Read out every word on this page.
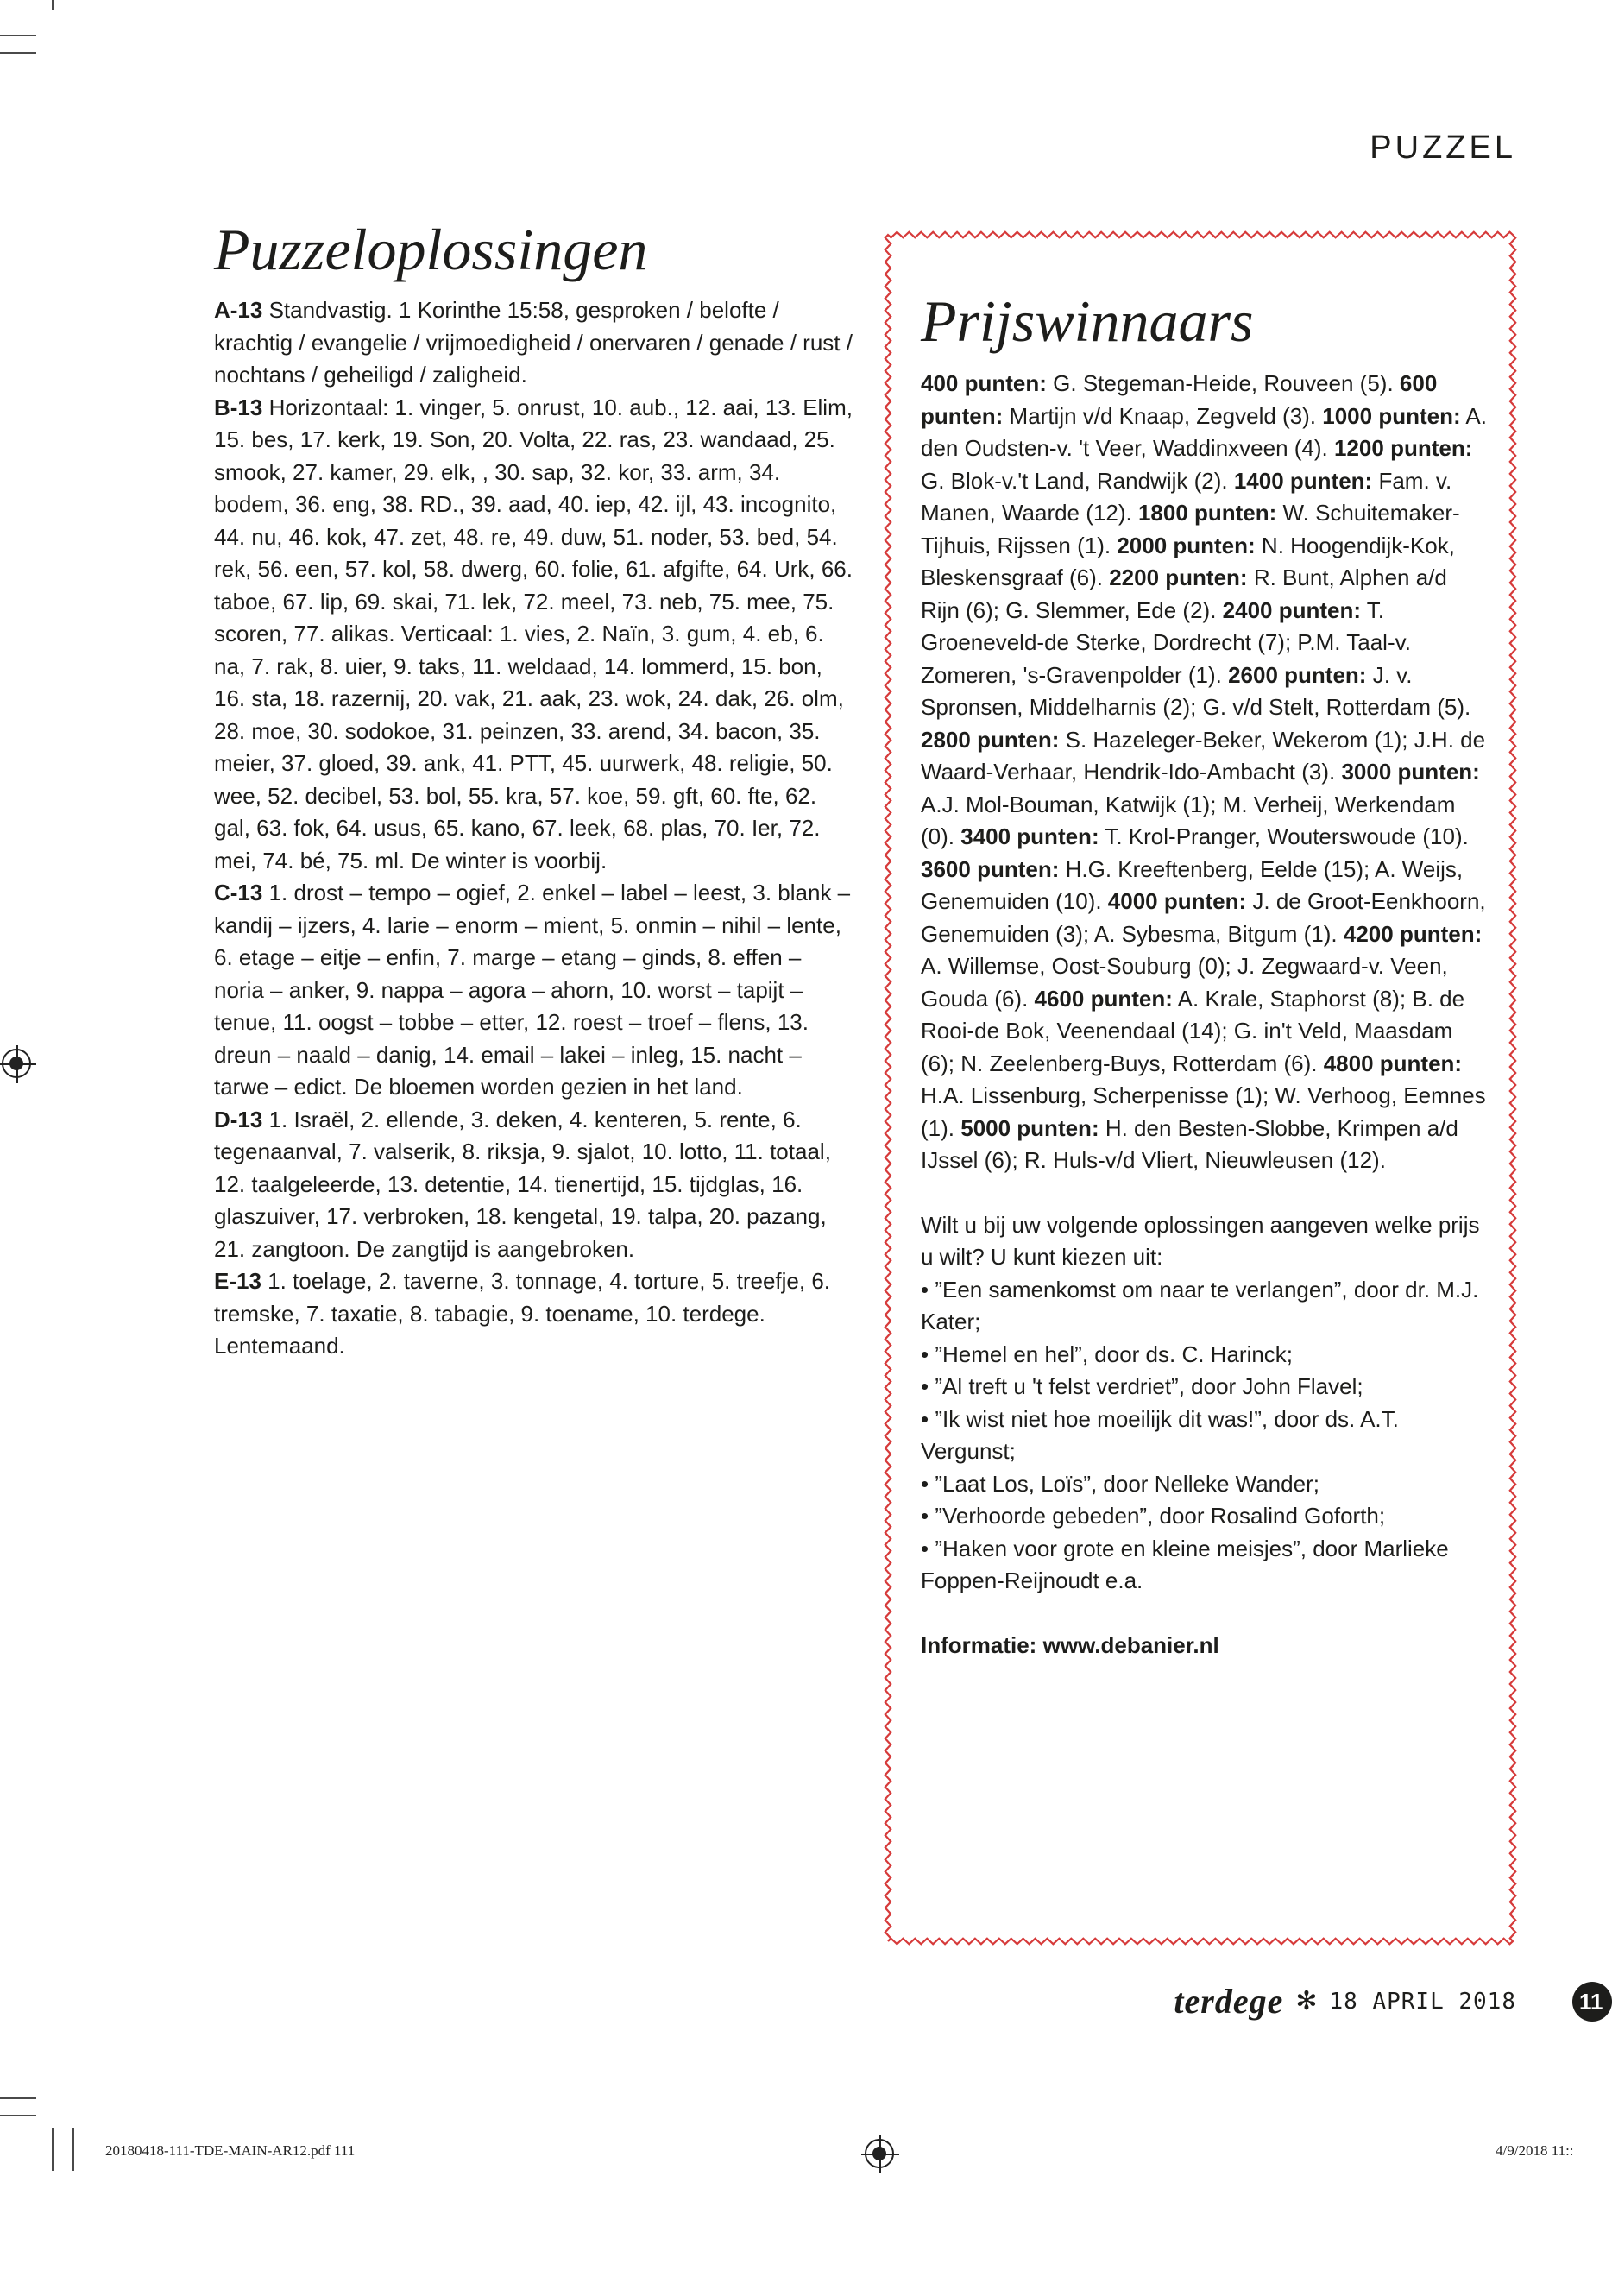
PUZZEL
Puzzeloplossingen

A-13 Standvastig. 1 Korinthe 15:58, gesproken / belofte / krachtig / evangelie / vrijmoedigheid / onervaren / genade / rust / nochtans / geheiligd / zaligheid.
B-13 Horizontaal: 1. vinger, 5. onrust, 10. aub., 12. aai, 13. Elim, 15. bes, 17. kerk, 19. Son, 20. Volta, 22. ras, 23. wandaad, 25. smook, 27. kamer, 29. elk, , 30. sap, 32. kor, 33. arm, 34. bodem, 36. eng, 38. RD., 39. aad, 40. iep, 42. ijl, 43. incognito, 44. nu, 46. kok, 47. zet, 48. re, 49. duw, 51. noder, 53. bed, 54. rek, 56. een, 57. kol, 58. dwerg, 60. folie, 61. afgifte, 64. Urk, 66. taboe, 67. lip, 69. skai, 71. lek, 72. meel, 73. neb, 75. mee, 75. scoren, 77. alikas. Verticaal: 1. vies, 2. Naïn, 3. gum, 4. eb, 6. na, 7. rak, 8. uier, 9. taks, 11. weldaad, 14. lommerd, 15. bon, 16. sta, 18. razernij, 20. vak, 21. aak, 23. wok, 24. dak, 26. olm, 28. moe, 30. sodokoe, 31. peinzen, 33. arend, 34. bacon, 35. meier, 37. gloed, 39. ank, 41. PTT, 45. uurwerk, 48. religie, 50. wee, 52. decibel, 53. bol, 55. kra, 57. koe, 59. gft, 60. fte, 62. gal, 63. fok, 64. usus, 65. kano, 67. leek, 68. plas, 70. Ier, 72. mei, 74. bé, 75. ml. De winter is voorbij.
C-13 1. drost – tempo – ogief, 2. enkel – label – leest, 3. blank – kandij – ijzers, 4. larie – enorm – mient, 5. onmin – nihil – lente, 6. etage – eitje – enfin, 7. marge – etang – ginds, 8. effen – noria – anker, 9. nappa – agora – ahorn, 10. worst – tapijt – tenue, 11. oogst – tobbe – etter, 12. roest – troef – flens, 13. dreun – naald – danig, 14. email – lakei – inleg, 15. nacht – tarwe – edict. De bloemen worden gezien in het land.
D-13 1. Israël, 2. ellende, 3. deken, 4. kenteren, 5. rente, 6. tegenaanval, 7. valserik, 8. riksja, 9. sjalot, 10. lotto, 11. totaal, 12. taalgeleerde, 13. detentie, 14. tienertijd, 15. tijdglas, 16. glaszuiver, 17. verbroken, 18. kengetal, 19. talpa, 20. pazang, 21. zangtoon. De zangtijd is aangebroken.
E-13 1. toelage, 2. taverne, 3. tonnage, 4. torture, 5. treefje, 6. tremske, 7. taxatie, 8. tabagie, 9. toename, 10. terdege. Lentemaand.

Prijswinnaars

400 punten: G. Stegeman-Heide, Rouveen (5). 600 punten: Martijn v/d Knaap, Zegveld (3). 1000 punten: A. den Oudsten-v. 't Veer, Waddinxveen (4). 1200 punten: G. Blok-v.'t Land, Randwijk (2). 1400 punten: Fam. v. Manen, Waarde (12). 1800 punten: W. Schuitemaker-Tijhuis, Rijssen (1). 2000 punten: N. Hoogendijk-Kok, Bleskensgraaf (6). 2200 punten: R. Bunt, Alphen a/d Rijn (6); G. Slemmer, Ede (2). 2400 punten: T. Groeneveld-de Sterke, Dordrecht (7); P.M. Taal-v. Zomeren, 's-Gravenpolder (1). 2600 punten: J. v. Spronsen, Middelharnis (2); G. v/d Stelt, Rotterdam (5). 2800 punten: S. Hazeleger-Beker, Wekerom (1); J.H. de Waard-Verhaar, Hendrik-Ido-Ambacht (3). 3000 punten: A.J. Mol-Bouman, Katwijk (1); M. Verheij, Werkendam (0). 3400 punten: T. Krol-Pranger, Wouterswoude (10). 3600 punten: H.G. Kreeftenberg, Eelde (15); A. Weijs, Genemuiden (10). 4000 punten: J. de Groot-Eenkhoorn, Genemuiden (3); A. Sybesma, Bitgum (1). 4200 punten: A. Willemse, Oost-Souburg (0); J. Zegwaard-v. Veen, Gouda (6). 4600 punten: A. Krale, Staphorst (8); B. de Rooi-de Bok, Veenendaal (14); G. in't Veld, Maasdam (6); N. Zeelenberg-Buys, Rotterdam (6). 4800 punten: H.A. Lissenburg, Scherpenisse (1); W. Verhoog, Eemnes (1). 5000 punten: H. den Besten-Slobbe, Krimpen a/d IJssel (6); R. Huls-v/d Vliert, Nieuwleusen (12).

Wilt u bij uw volgende oplossingen aangeven welke prijs u wilt? U kunt kiezen uit:

• ”Een samenkomst om naar te verlangen”, door dr. M.J. Kater;
• ”Hemel en hel”, door ds. C. Harinck;
• ”Al treft u 't felst verdriet”, door John Flavel;
• ”Ik wist niet hoe moeilijk dit was!”, door ds. A.T. Vergunst;
• ”Laat Los, Loïs”, door Nelleke Wander;
• ”Verhoorde gebeden”, door Rosalind Goforth;
• ”Haken voor grote en kleine meisjes”, door Marlieke Foppen-Reijnoudt e.a.

Informatie: www.debanier.nl

terdege ✻ 18 APRIL 2018	11
20180418-111-TDE-MAIN-AR12.pdf 111	4/9/2018 11::
